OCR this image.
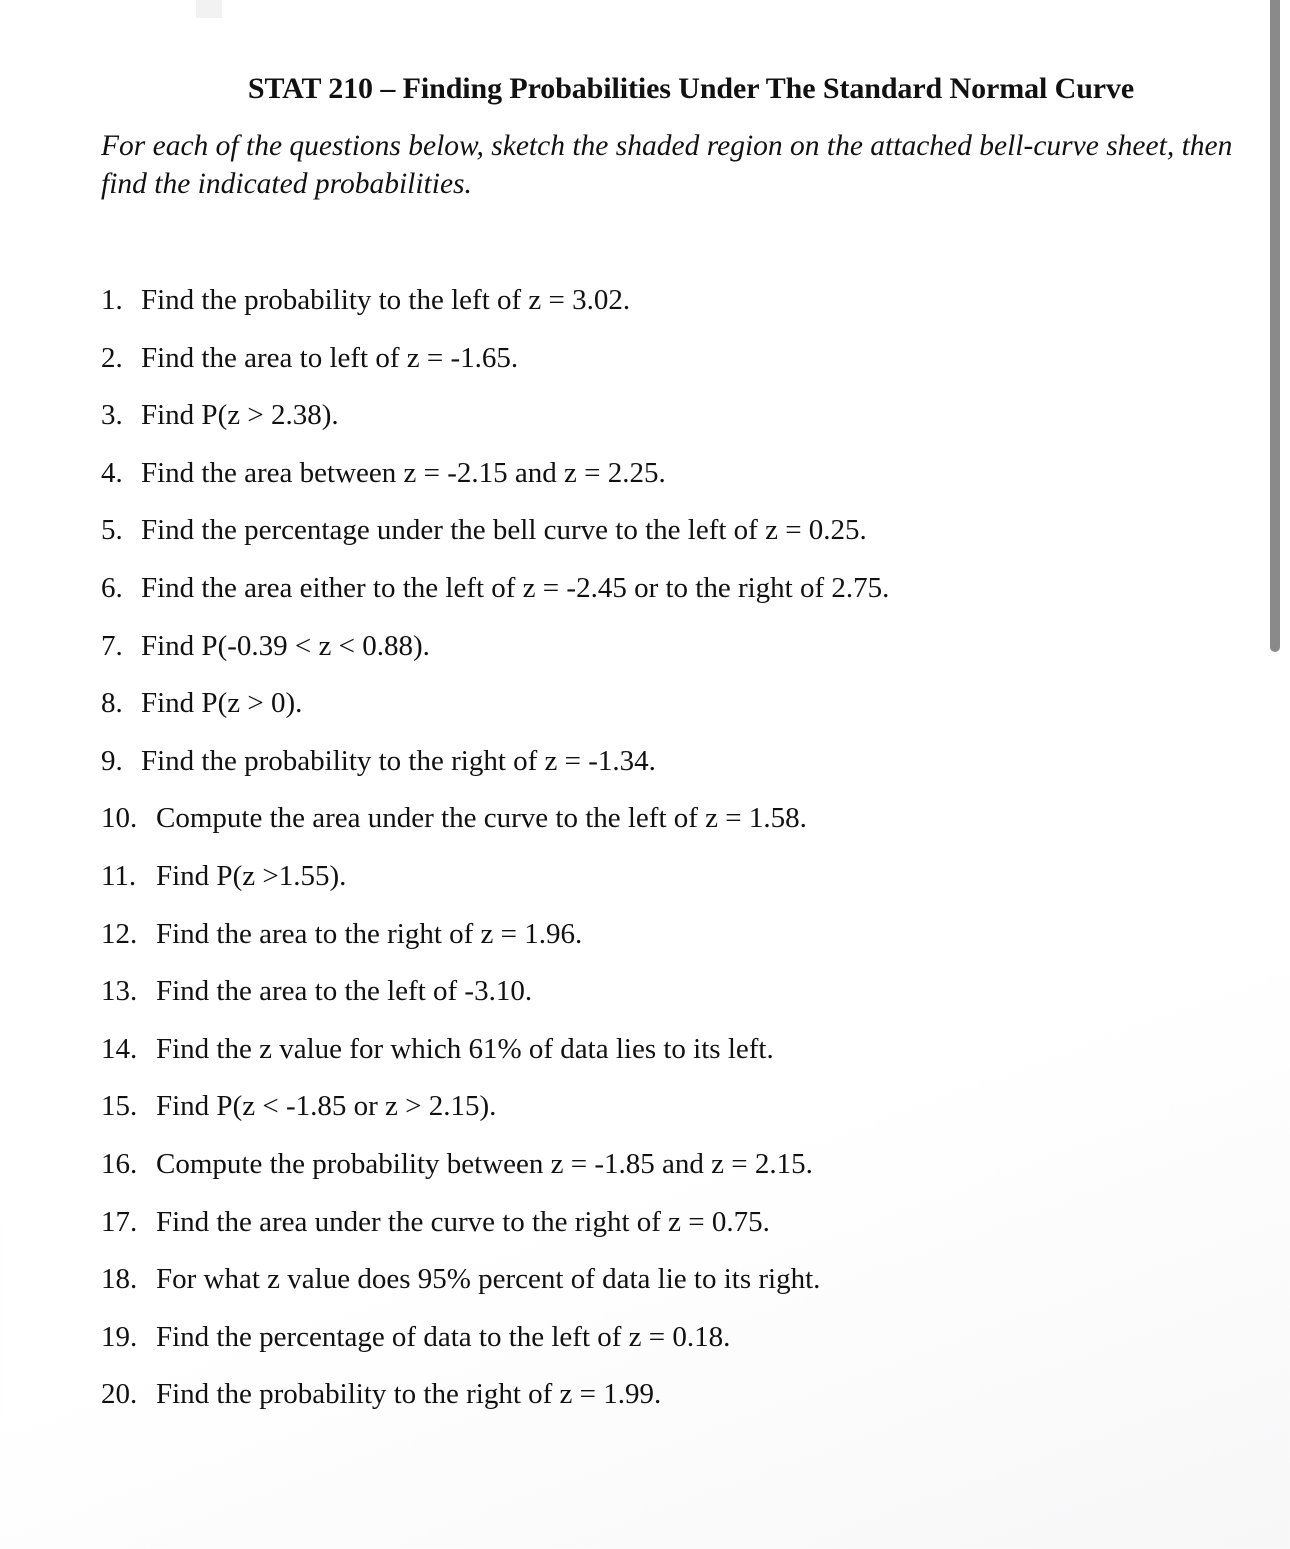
STAT 210 – Finding Probabilities Under The Standard Normal Curve
For each of the questions below, sketch the shaded region on the attached bell-curve sheet, then
find the indicated probabilities.
1. Find the probability to the left of z = 3.02.
2. Find the area to left of z = -1.65.
3. Find P(z > 2.38).
4. Find the area between z = -2.15 and z = 2.25.
5. Find the percentage under the bell curve to the left of z = 0.25.
6. Find the area either to the left of z = -2.45 or to the right of 2.75.
7. Find P(-0.39 < z < 0.88).
8. Find P(z > 0).
9. Find the probability to the right of z = -1.34.
10. Compute the area under the curve to the left of z = 1.58.
11. Find P(z >1.55).
12. Find the area to the right of z = 1.96.
13. Find the area to the left of -3.10.
14. Find the z value for which 61% of data lies to its left.
15. Find P(z < -1.85 or z > 2.15).
16. Compute the probability between z = -1.85 and z = 2.15.
17. Find the area under the curve to the right of z = 0.75.
18. For what z value does 95% percent of data lie to its right.
19. Find the percentage of data to the left of z = 0.18.
20. Find the probability to the right of z = 1.99.
